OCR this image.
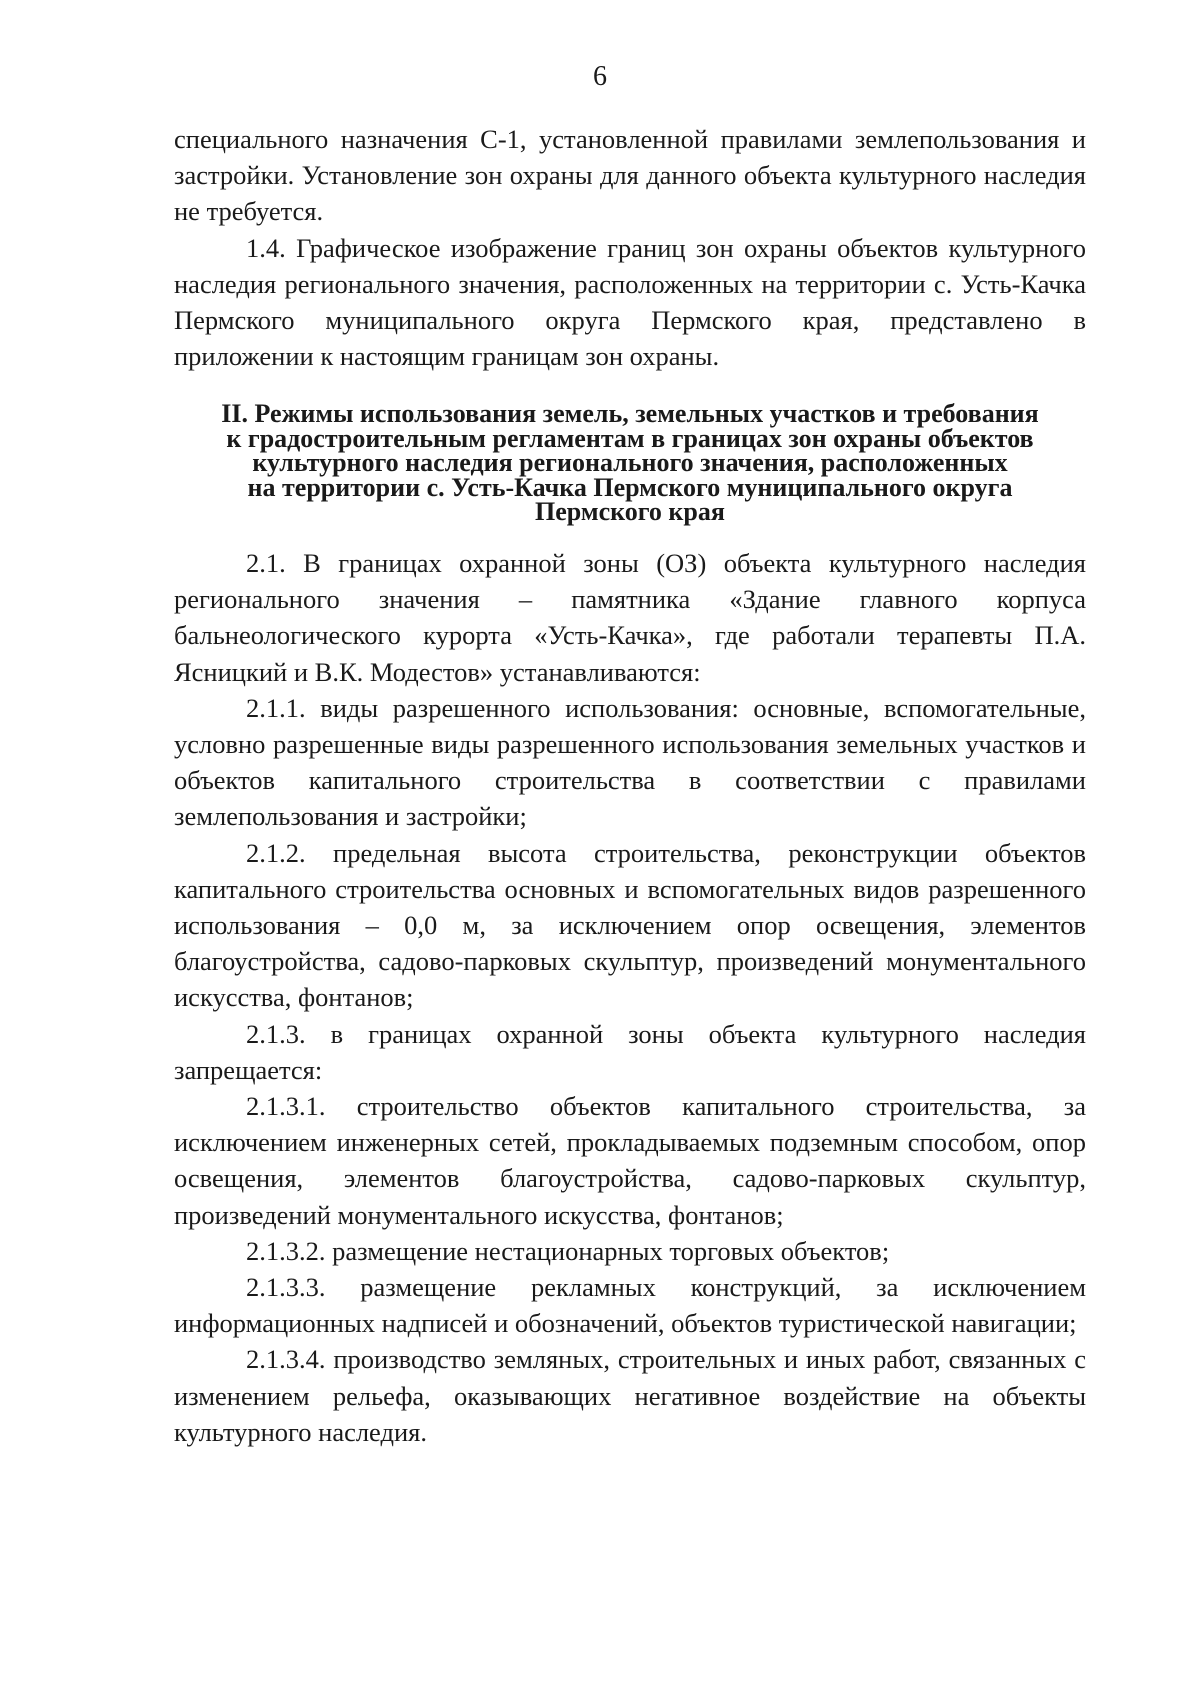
6

специального назначения С-1, установленной правилами землепользования и застройки. Установление зон охраны для данного объекта культурного наследия не требуется.

1.4. Графическое изображение границ зон охраны объектов культурного наследия регионального значения, расположенных на территории с. Усть-Качка Пермского муниципального округа Пермского края, представлено в приложении к настоящим границам зон охраны.

II. Режимы использования земель, земельных участков и требования
к градостроительным регламентам в границах зон охраны объектов
культурного наследия регионального значения, расположенных
на территории с. Усть-Качка Пермского муниципального округа
Пермского края

2.1. В границах охранной зоны (ОЗ) объекта культурного наследия регионального значения – памятника «Здание главного корпуса бальнеологического курорта «Усть-Качка», где работали терапевты П.А. Ясницкий и В.К. Модестов» устанавливаются:

2.1.1. виды разрешенного использования: основные, вспомогательные, условно разрешенные виды разрешенного использования земельных участков и объектов капитального строительства в соответствии с правилами землепользования и застройки;

2.1.2. предельная высота строительства, реконструкции объектов капитального строительства основных и вспомогательных видов разрешенного использования – 0,0 м, за исключением опор освещения, элементов благоустройства, садово-парковых скульптур, произведений монументального искусства, фонтанов;

2.1.3. в границах охранной зоны объекта культурного наследия запрещается:

2.1.3.1. строительство объектов капитального строительства, за исключением инженерных сетей, прокладываемых подземным способом, опор освещения, элементов благоустройства, садово-парковых скульптур, произведений монументального искусства, фонтанов;

2.1.3.2. размещение нестационарных торговых объектов;

2.1.3.3. размещение рекламных конструкций, за исключением информационных надписей и обозначений, объектов туристической навигации;

2.1.3.4. производство земляных, строительных и иных работ, связанных с изменением рельефа, оказывающих негативное воздействие на объекты культурного наследия.
